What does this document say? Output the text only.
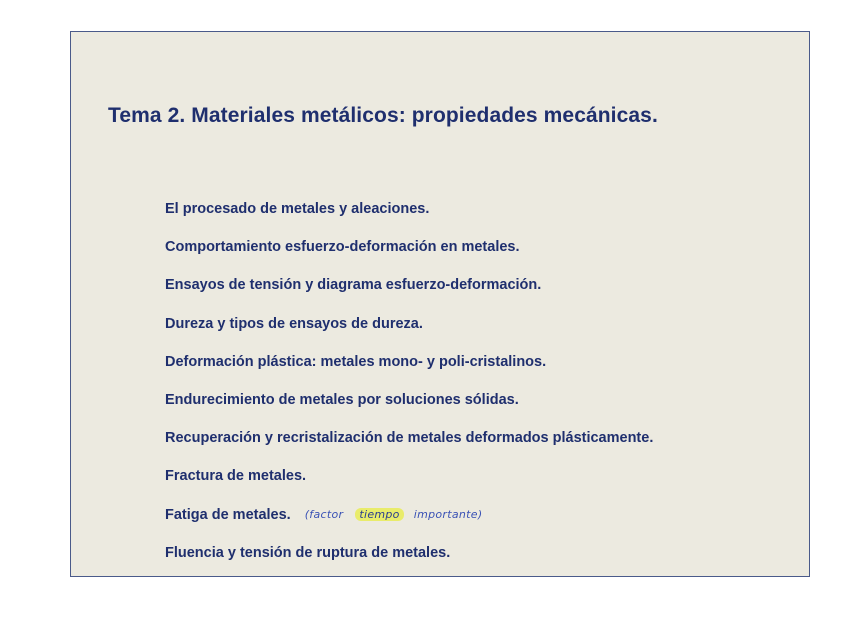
Tema 2. Materiales metálicos: propiedades mecánicas.
El procesado de metales y aleaciones.
Comportamiento esfuerzo-deformación en metales.
Ensayos de tensión y diagrama esfuerzo-deformación.
Dureza y tipos de ensayos de dureza.
Deformación plástica: metales mono- y poli-cristalinos.
Endurecimiento de metales por soluciones sólidas.
Recuperación y recristalización de metales deformados plásticamente.
Fractura de metales.
Fatiga de metales. (factor	tiempo	importante)
Fluencia y tensión de ruptura de metales.
